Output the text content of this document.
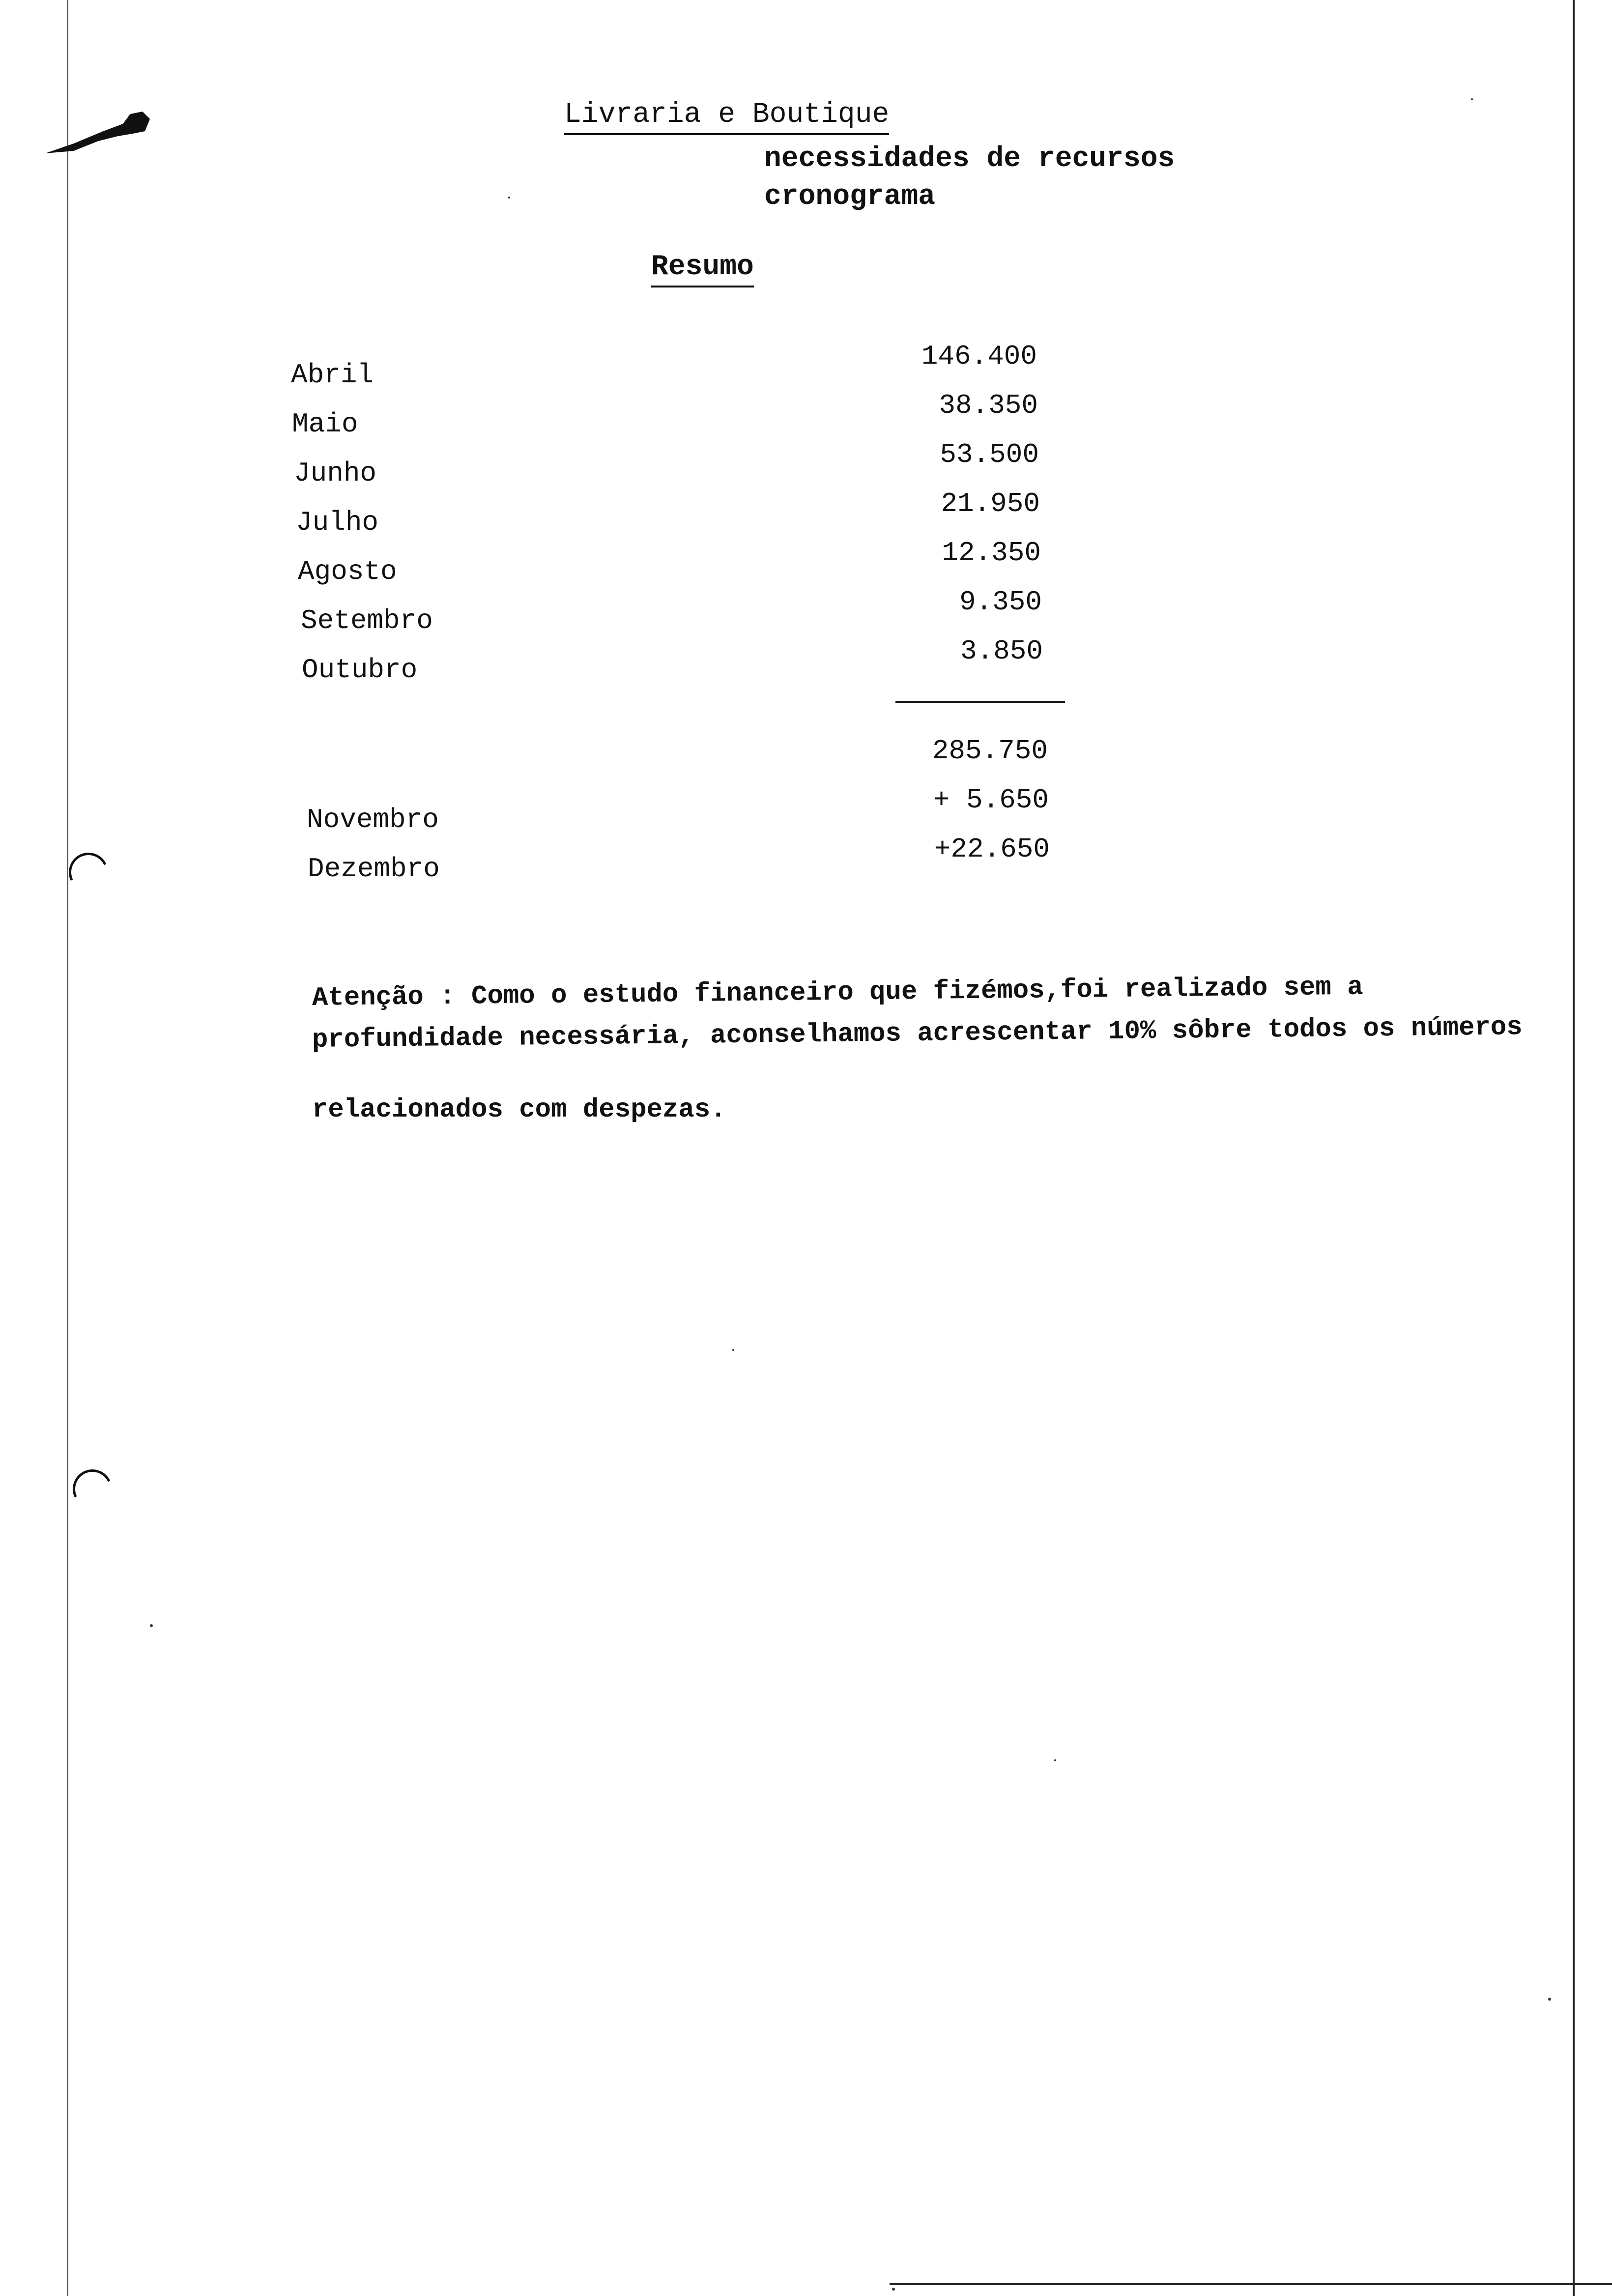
Livraria e Boutique
necessidades de recursos
cronograma
Resumo
Abril
146.400
Maio
38.350
Junho
53.500
Julho
21.950
Agosto
12.350
Setembro
9.350
Outubro
3.850
285.750
Novembro
+ 5.650
Dezembro
+22.650
Atenção : Como o estudo financeiro que fizémos,foi realizado sem a
profundidade necessária, aconselhamos acrescentar 10% sôbre todos os números
relacionados com despezas.
